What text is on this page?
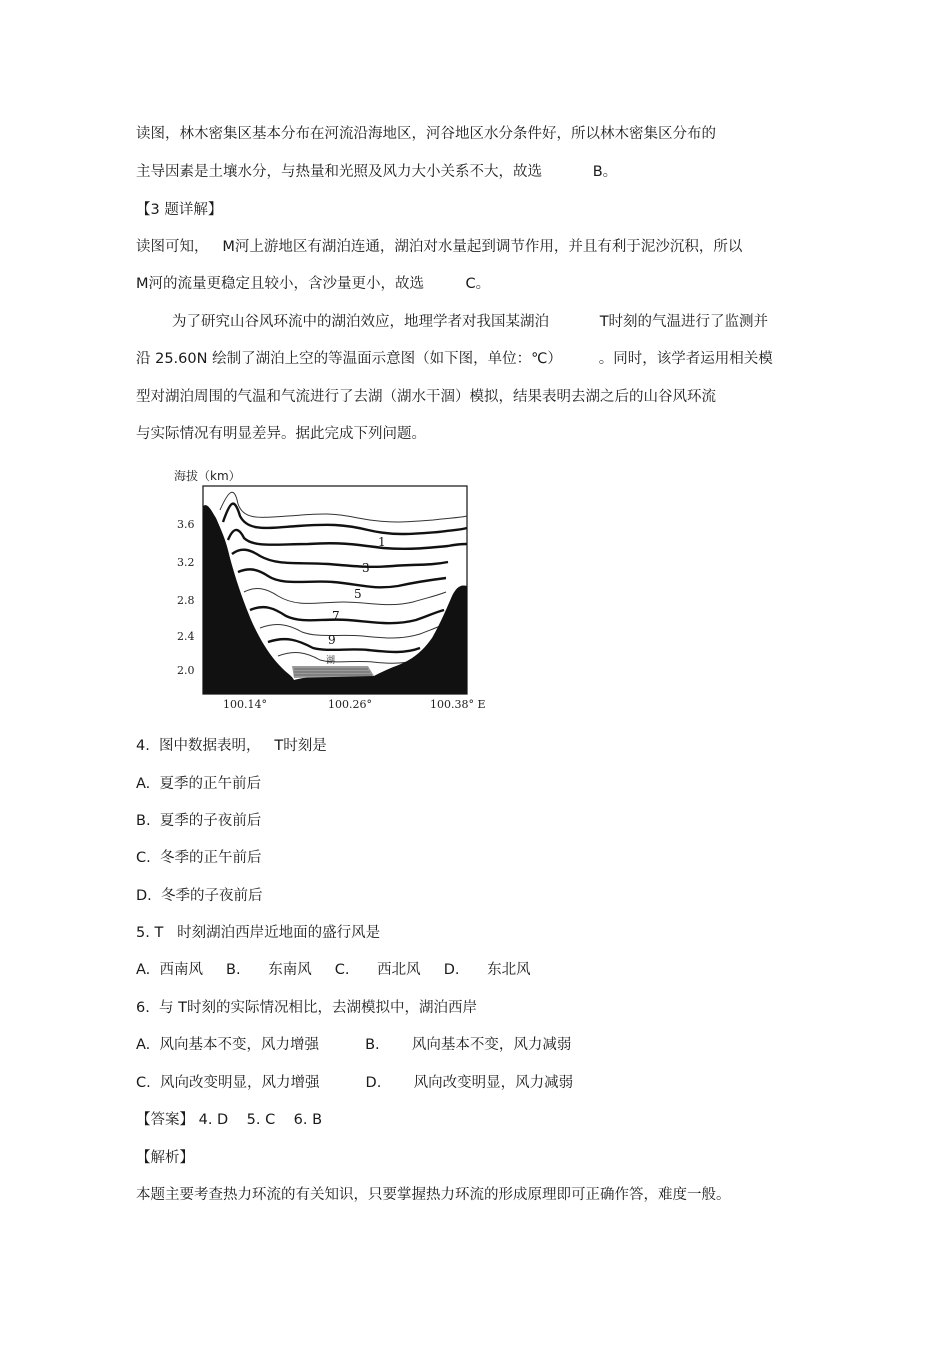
读图，林木密集区基本分布在河流沿海地区，河谷地区水分条件好，所以林木密集区分布的
主导因素是土壤水分，与热量和光照及风力大小关系不大，故选           B。
【3 题详解】
读图可知，   M河上游地区有湖泊连通，湖泊对水量起到调节作用，并且有利于泥沙沉积，所以
M河的流量更稳定且较小，含沙量更小，故选         C。
为了研究山谷风环流中的湖泊效应，地理学者对我国某湖泊           T时刻的气温进行了监测并
沿 25.60N 绘制了湖泊上空的等温面示意图（如下图，单位：℃）        。同时，该学者运用相关模
型对湖泊周围的气温和气流进行了去湖（湖水干涸）模拟，结果表明去湖之后的山谷风环流
与实际情况有明显差异。据此完成下列问题。
海拔（km）
3.6
3.2
2.8
2.4
2.0
100.14°	100.26°	100.38° E
湖
1
3
5
7
9
4.  图中数据表明，   T时刻是
A.  夏季的正午前后
B.  夏季的子夜前后
C.  冬季的正午前后
D.  冬季的子夜前后
5. T   时刻湖泊西岸近地面的盛行风是
A.  西南风     B.      东南风     C.      西北风     D.      东北风
6.  与 T时刻的实际情况相比，去湖模拟中，湖泊西岸
A.  风向基本不变，风力增强          B.       风向基本不变，风力减弱
C.  风向改变明显，风力增强          D.       风向改变明显，风力减弱
【答案】 4. D    5. C    6. B
【解析】
本题主要考查热力环流的有关知识，只要掌握热力环流的形成原理即可正确作答，难度一般。
